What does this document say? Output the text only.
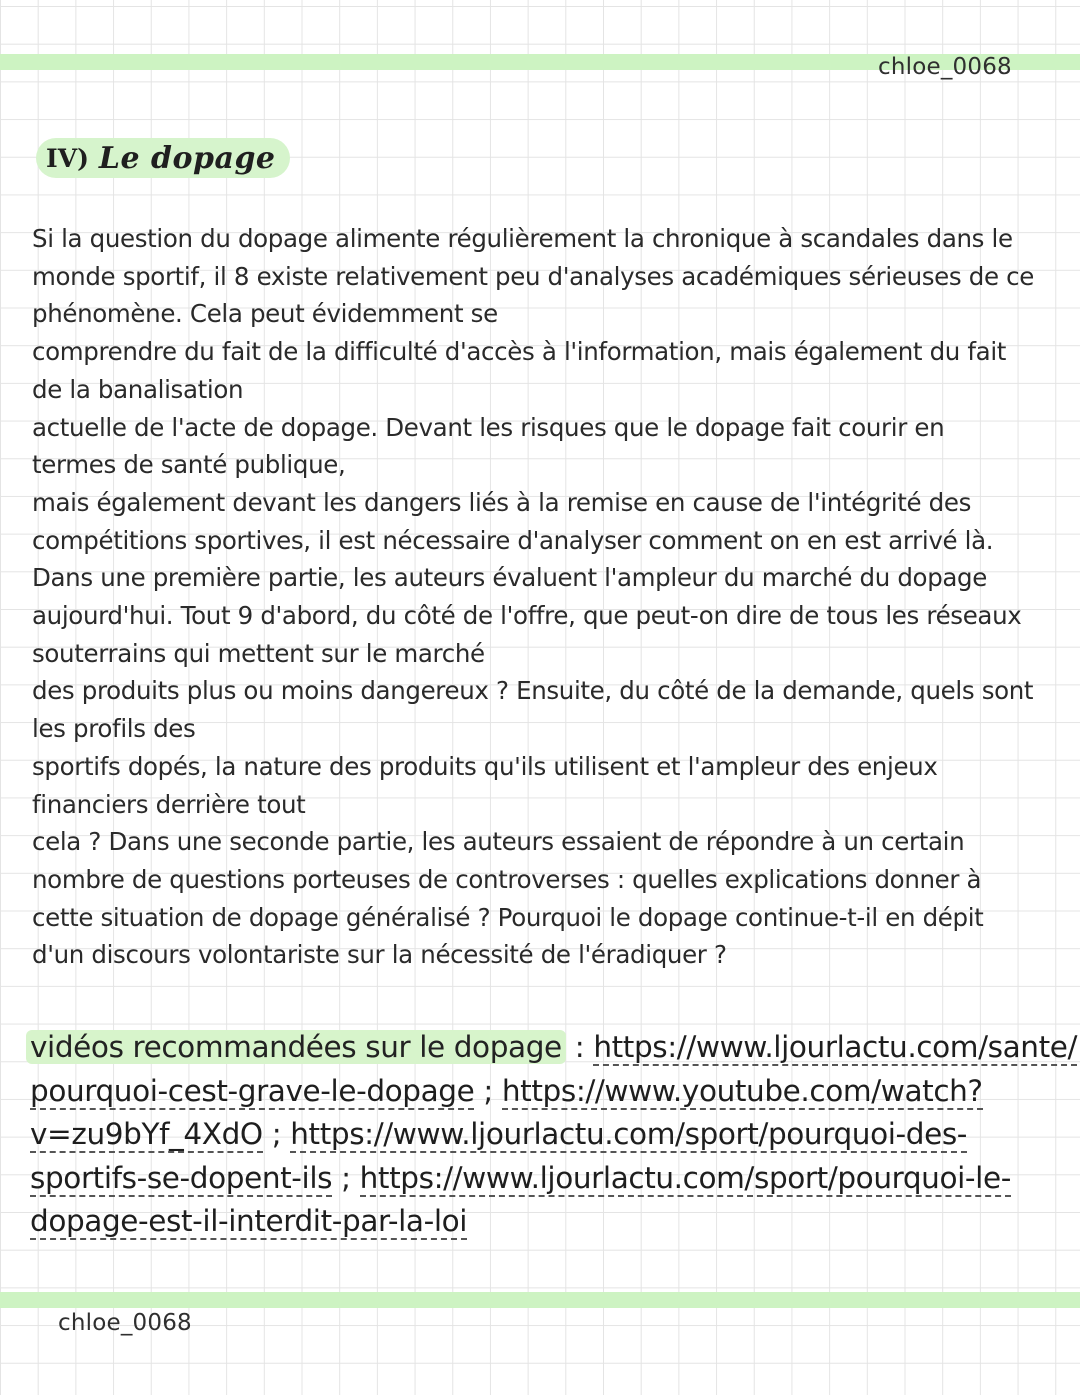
chloe_0068
IV) Le dopage

Si la question du dopage alimente régulièrement la chronique à scandales dans le
monde sportif, il 8 existe relativement peu d'analyses académiques sérieuses de ce
phénomène. Cela peut évidemment se
comprendre du fait de la difficulté d'accès à l'information, mais également du fait
de la banalisation
actuelle de l'acte de dopage. Devant les risques que le dopage fait courir en
termes de santé publique,
mais également devant les dangers liés à la remise en cause de l'intégrité des
compétitions sportives, il est nécessaire d'analyser comment on en est arrivé là.
Dans une première partie, les auteurs évaluent l'ampleur du marché du dopage
aujourd'hui. Tout 9 d'abord, du côté de l'offre, que peut-on dire de tous les réseaux
souterrains qui mettent sur le marché
des produits plus ou moins dangereux ? Ensuite, du côté de la demande, quels sont
les profils des
sportifs dopés, la nature des produits qu'ils utilisent et l'ampleur des enjeux
financiers derrière tout
cela ? Dans une seconde partie, les auteurs essaient de répondre à un certain
nombre de questions porteuses de controverses : quelles explications donner à
cette situation de dopage généralisé ? Pourquoi le dopage continue-t-il en dépit
d'un discours volontariste sur la nécessité de l'éradiquer ?

vidéos recommandées sur le dopage : https://www.ljourlactu.com/sante/
pourquoi-cest-grave-le-dopage ; https://www.youtube.com/watch?
v=zu9bYf_4XdO ; https://www.ljourlactu.com/sport/pourquoi-des-
sportifs-se-dopent-ils ; https://www.ljourlactu.com/sport/pourquoi-le-
dopage-est-il-interdit-par-la-loi

chloe_0068
